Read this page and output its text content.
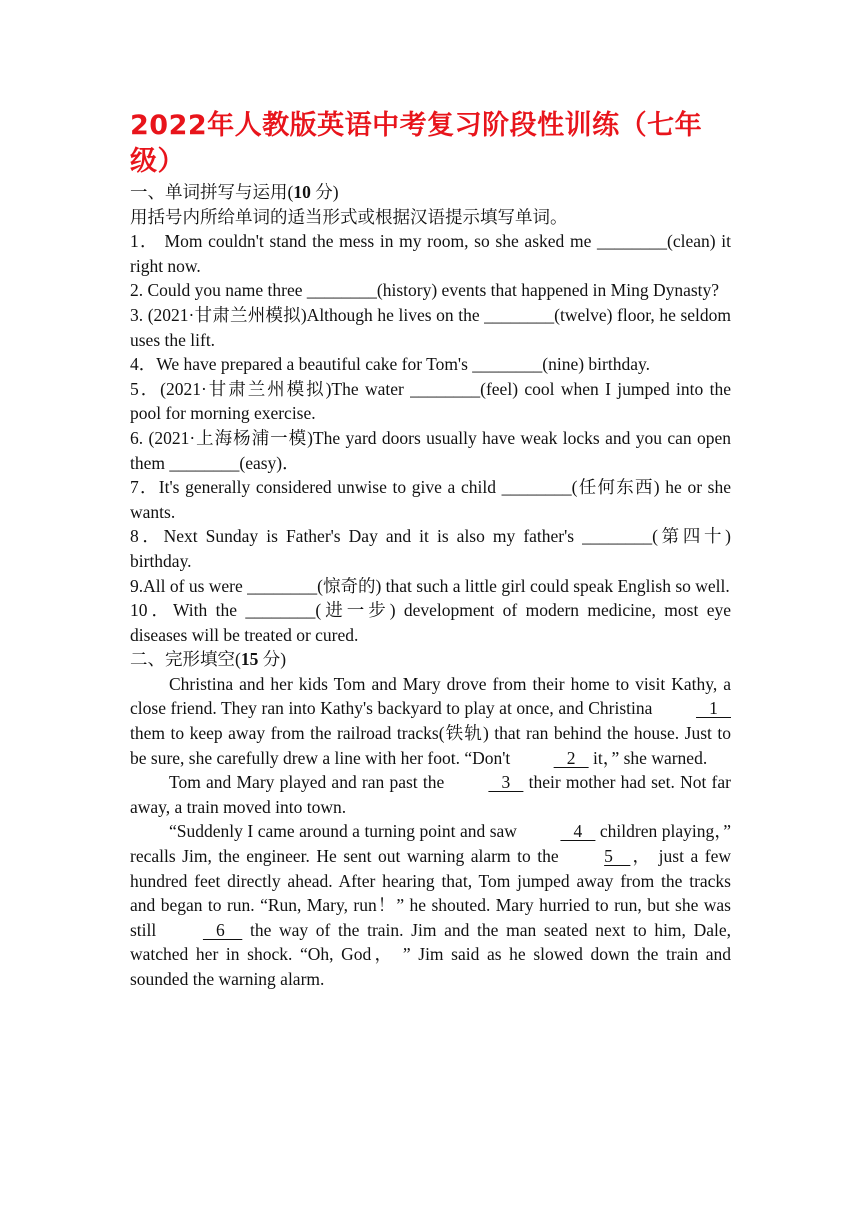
2022年人教版英语中考复习阶段性训练（七年级）

一、单词拼写与运用(10 分)

用括号内所给单词的适当形式或根据汉语提示填写单词。

1． Mom couldn't stand the mess in my room, so she asked me ________(clean) it right now.

2. Could you name three ________(history) events that happened in Ming Dynasty?

3. (2021·甘肃兰州模拟)Although he lives on the ________(twelve) floor, he seldom uses the lift.

4．We have prepared a beautiful cake for Tom's ________(nine) birthday.

5．(2021·甘肃兰州模拟)The water ________(feel) cool when I jumped into the pool for morning exercise.

6. (2021·上海杨浦一模)The yard doors usually have weak locks and you can open them ________(easy)．

7．It's generally considered unwise to give a child ________(任何东西) he or she wants.

8．Next Sunday is Father's Day and it is also my father's ________(第四十) birthday.

9.All of us were ________(惊奇的) that such a little girl could speak English so well.

10．With the ________(进一步) development of modern medicine, most eye diseases will be treated or cured.

二、完形填空(15 分)

Christina and her kids Tom and Mary drove from their home to visit Kathy, a close friend. They ran into Kathy's backyard to play at once, and Christina    1    them to keep away from the railroad tracks(铁轨) that ran behind the house. Just to be sure, she carefully drew a line with her foot. “Don't    2    it，” she warned.

Tom and Mary played and ran past the    3    their mother had set. Not far away, a train moved into town.

“Suddenly I came around a turning point and saw    4    children playing，” recalls Jim, the engineer. He sent out warning alarm to the 5    ， just a few hundred feet directly ahead. After hearing that, Tom jumped away from the tracks and began to run. “Run, Mary, run！” he shouted. Mary hurried to run, but she was still    6     the way of the train. Jim and the man seated next to him, Dale, watched her in shock. “Oh, God， ” Jim said as he slowed down the train and sounded the warning alarm.
